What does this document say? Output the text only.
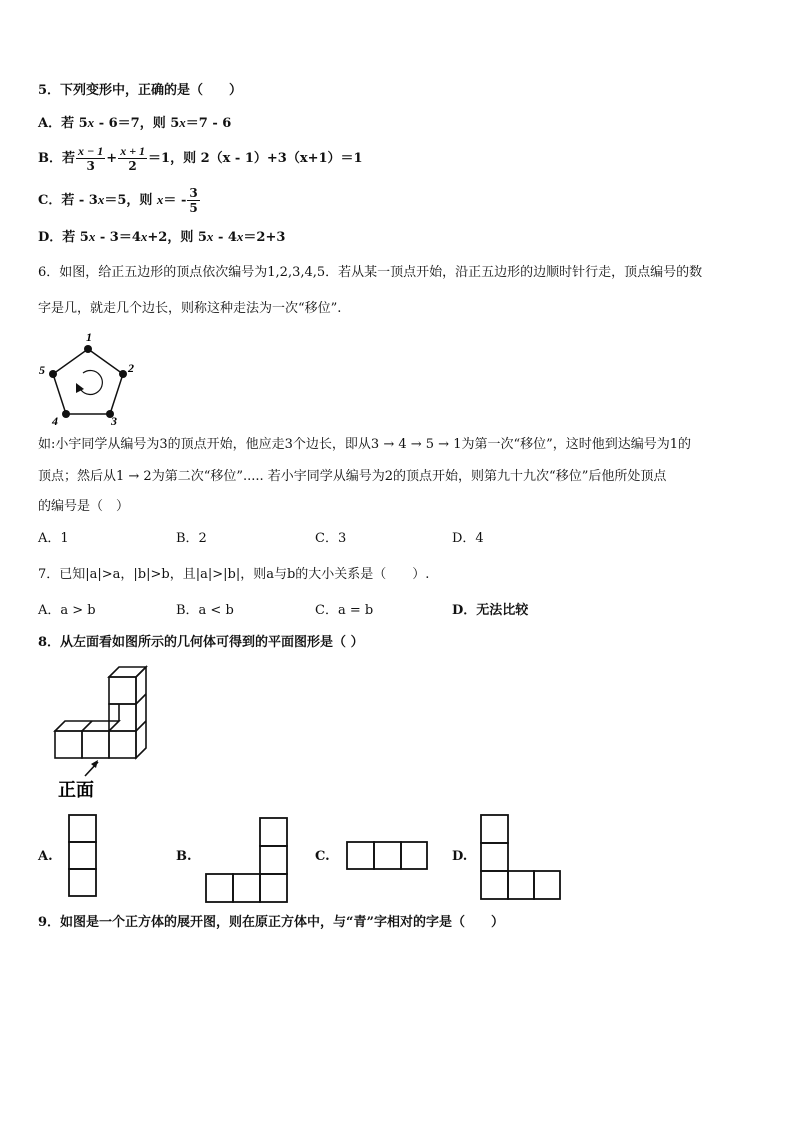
5．下列变形中，正确的是（　　）
A．若 5x - 6＝7，则 5x＝7 - 6
B．若 $\frac{x - 1}{3} + \frac{x + 1}{2} =1$，则 2（x - 1）+3（x+1）＝1
C．若 - 3x＝5，则 $x= - \frac{3}{5}$
D．若 5x - 3＝4x+2，则 5x - 4x＝2+3
6．如图，给正五边形的顶点依次编号为1,2,3,4,5．若从某一顶点开始，沿正五边形的边顺时针行走，顶点编号的数
字是几，就走几个边长，则称这种走法为一次“移位”.
1
2
3
4
5
如:小宇同学从编号为3的顶点开始，他应走3个边长，即从3 → 4 → 5 → 1为第一次“移位”，这时他到达编号为1的
顶点；然后从1 → 2为第二次“移位”..... 若小宇同学从编号为2的顶点开始，则第九十九次“移位”后他所处顶点
的编号是（　）
A．1	B．2	C．3	D．4
7．已知|a|>a，|b|>b，且|a|>|b|，则a与b的大小关系是（　　）.
A．a > b	B．a < b	C．a = b	D．无法比较
8．从左面看如图所示的几何体可得到的平面图形是（ ）
正面
A.	B.	C.	D.
9．如图是一个正方体的展开图，则在原正方体中，与“青”字相对的字是（　　）
